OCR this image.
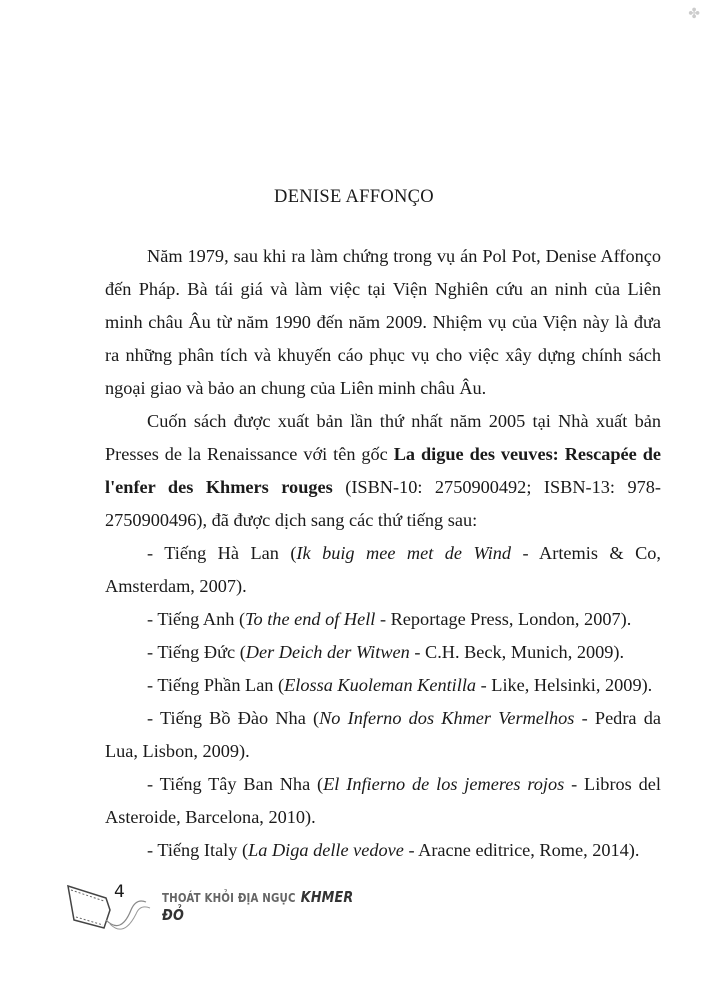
✤
DENISE AFFONÇO

Năm 1979, sau khi ra làm chứng trong vụ án Pol Pot, Denise Affonço đến Pháp. Bà tái giá và làm việc tại Viện Nghiên cứu an ninh của Liên minh châu Âu từ năm 1990 đến năm 2009. Nhiệm vụ của Viện này là đưa ra những phân tích và khuyến cáo phục vụ cho việc xây dựng chính sách ngoại giao và bảo an chung của Liên minh châu Âu.

Cuốn sách được xuất bản lần thứ nhất năm 2005 tại Nhà xuất bản Presses de la Renaissance với tên gốc La digue des veuves: Rescapée de l'enfer des Khmers rouges (ISBN-10: 2750900492; ISBN-13: 978-2750900496), đã được dịch sang các thứ tiếng sau:

- Tiếng Hà Lan (Ik buig mee met de Wind - Artemis & Co, Amsterdam, 2007).

- Tiếng Anh (To the end of Hell - Reportage Press, London, 2007).

- Tiếng Đức (Der Deich der Witwen - C.H. Beck, Munich, 2009).

- Tiếng Phần Lan (Elossa Kuoleman Kentilla - Like, Helsinki, 2009).

- Tiếng Bồ Đào Nha (No Inferno dos Khmer Vermelhos - Pedra da Lua, Lisbon, 2009).

- Tiếng Tây Ban Nha (El Infierno de los jemeres rojos - Libros del Asteroide, Barcelona, 2010).

- Tiếng Italy (La Diga delle vedove - Aracne editrice, Rome, 2014).

4	THOÁT KHỎI ĐỊA NGỤC KHMER ĐỎ
